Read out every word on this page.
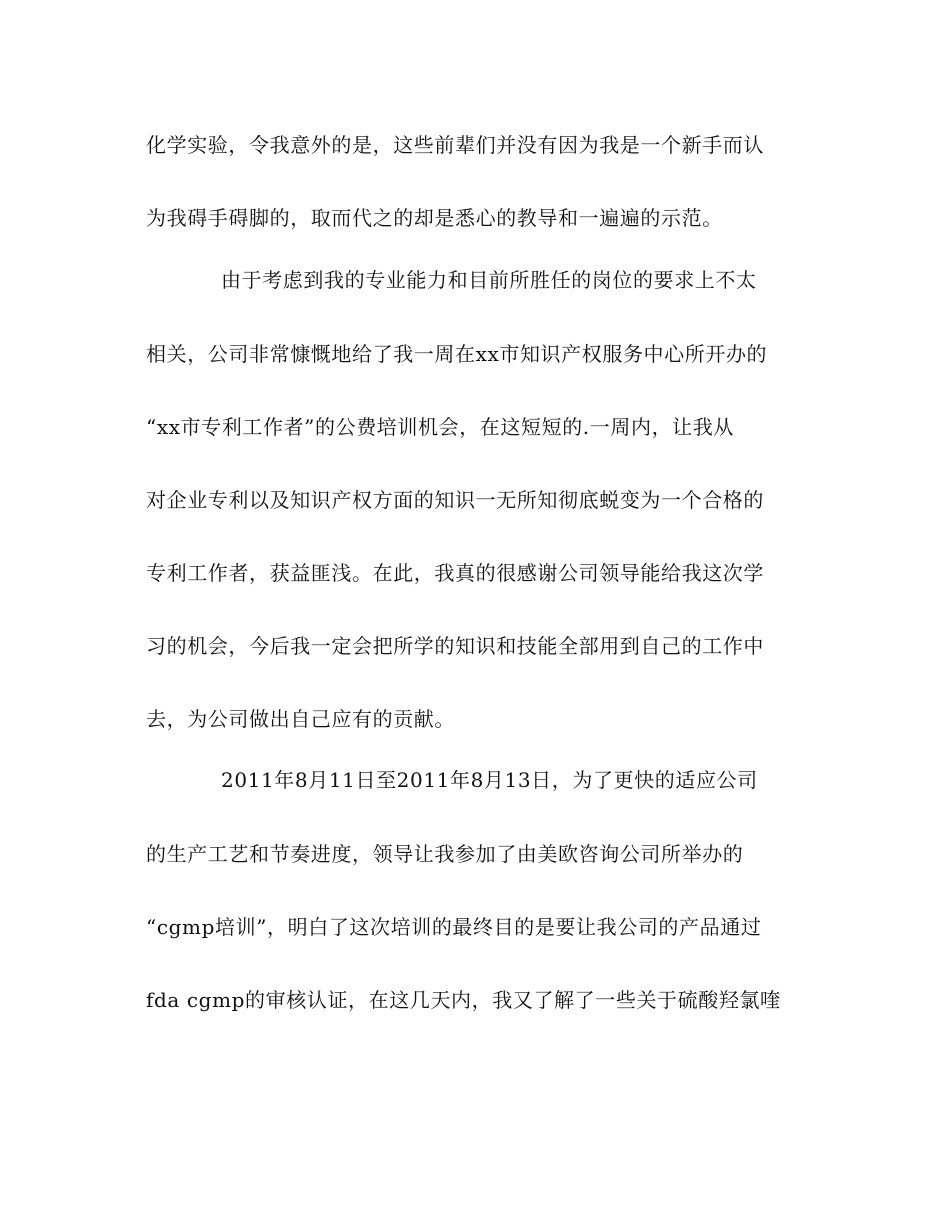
化学实验，令我意外的是，这些前辈们并没有因为我是一个新手而认
为我碍手碍脚的，取而代之的却是悉心的教导和一遍遍的示范。
由于考虑到我的专业能力和目前所胜任的岗位的要求上不太
相关，公司非常慷慨地给了我一周在xx市知识产权服务中心所开办的
“xx市专利工作者”的公费培训机会，在这短短的.一周内，让我从
对企业专利以及知识产权方面的知识一无所知彻底蜕变为一个合格的
专利工作者，获益匪浅。在此，我真的很感谢公司领导能给我这次学
习的机会，今后我一定会把所学的知识和技能全部用到自己的工作中
去，为公司做出自己应有的贡献。
2011年8月11日至2011年8月13日，为了更快的适应公司
的生产工艺和节奏进度，领导让我参加了由美欧咨询公司所举办的
“cgmp培训”，明白了这次培训的最终目的是要让我公司的产品通过
fda cgmp的审核认证，在这几天内，我又了解了一些关于硫酸羟氯喹
